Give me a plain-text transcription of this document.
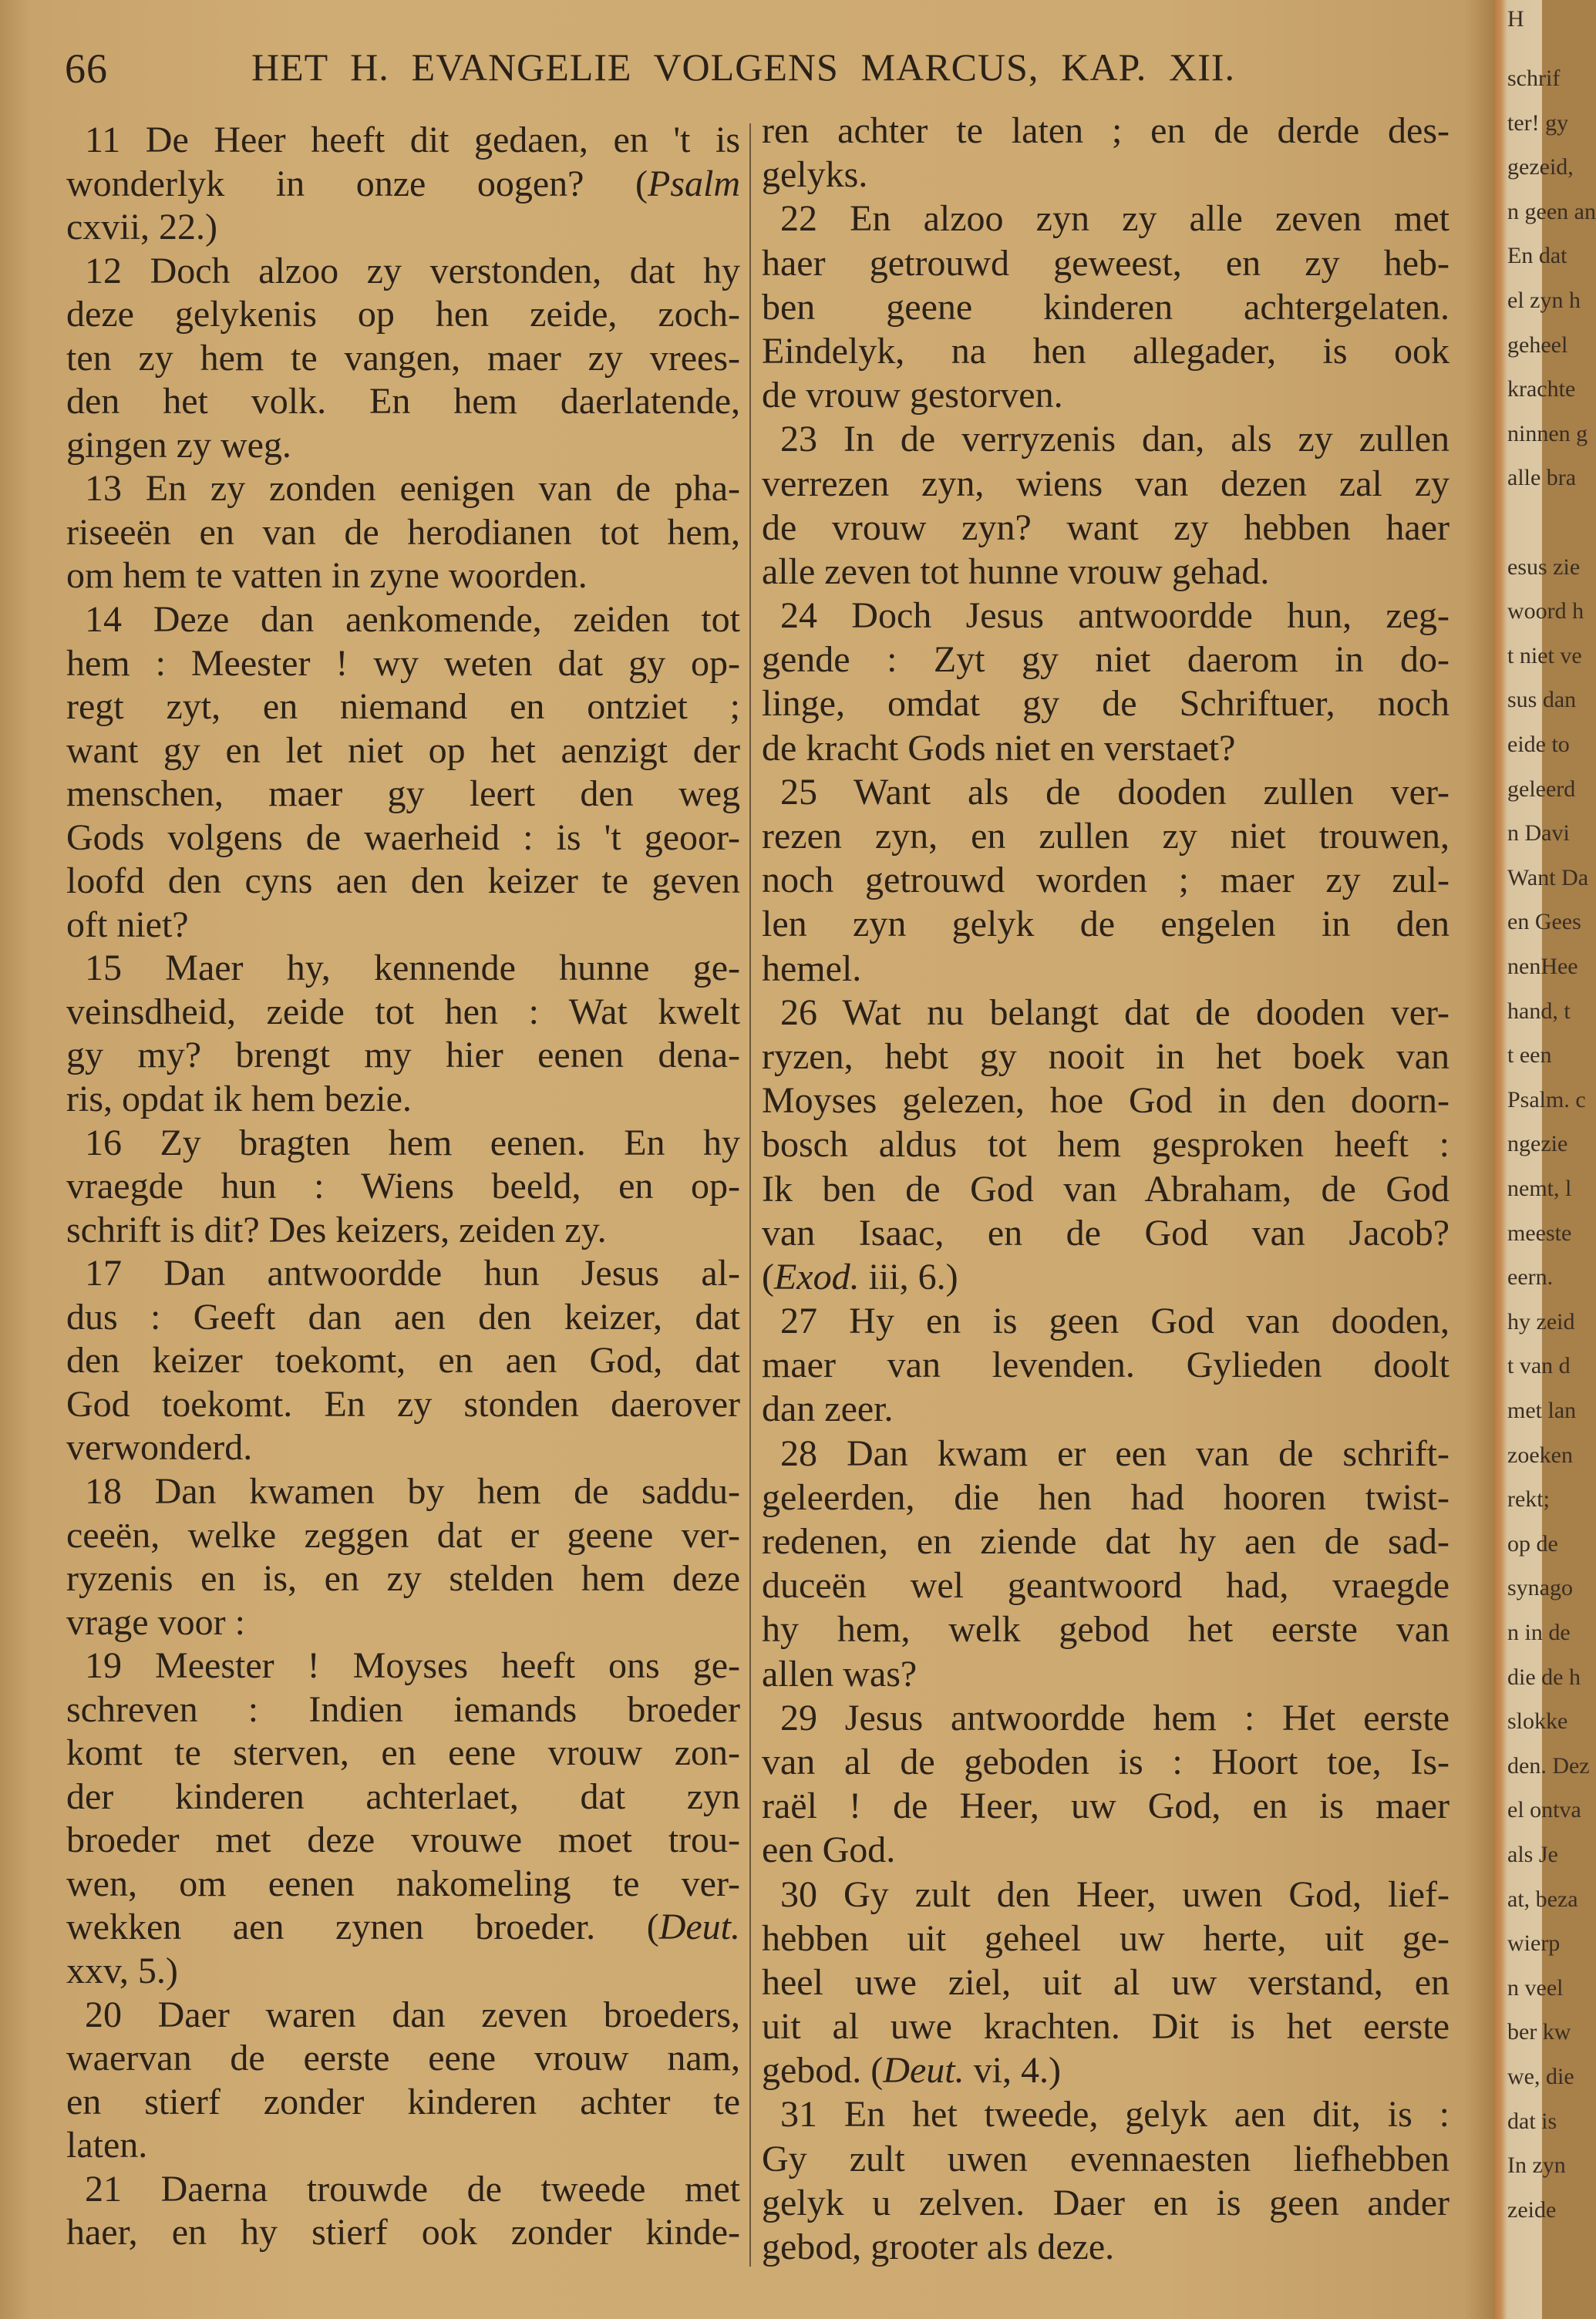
66	HET H. EVANGELIE VOLGENS MARCUS, KAP. XII.
11 De Heer heeft dit gedaen, en 't is
wonderlyk in onze oogen? (Psalm
cxvii, 22.)
12 Doch alzoo zy verstonden, dat hy
deze gelykenis op hen zeide, zoch-
ten zy hem te vangen, maer zy vrees-
den het volk. En hem daerlatende,
gingen zy weg.
13 En zy zonden eenigen van de pha-
riseeën en van de herodianen tot hem,
om hem te vatten in zyne woorden.
14 Deze dan aenkomende, zeiden tot
hem : Meester ! wy weten dat gy op-
regt zyt, en niemand en ontziet ;
want gy en let niet op het aenzigt der
menschen, maer gy leert den weg
Gods volgens de waerheid : is 't geoor-
loofd den cyns aen den keizer te geven
oft niet?
15 Maer hy, kennende hunne ge-
veinsdheid, zeide tot hen : Wat kwelt
gy my? brengt my hier eenen dena-
ris, opdat ik hem bezie.
16 Zy bragten hem eenen. En hy
vraegde hun : Wiens beeld, en op-
schrift is dit? Des keizers, zeiden zy.
17 Dan antwoordde hun Jesus al-
dus : Geeft dan aen den keizer, dat
den keizer toekomt, en aen God, dat
God toekomt. En zy stonden daerover
verwonderd.
18 Dan kwamen by hem de saddu-
ceeën, welke zeggen dat er geene ver-
ryzenis en is, en zy stelden hem deze
vrage voor :
19 Meester ! Moyses heeft ons ge-
schreven : Indien iemands broeder
komt te sterven, en eene vrouw zon-
der kinderen achterlaet, dat zyn
broeder met deze vrouwe moet trou-
wen, om eenen nakomeling te ver-
wekken aen zynen broeder. (Deut.
xxv, 5.)
20 Daer waren dan zeven broeders,
waervan de eerste eene vrouw nam,
en stierf zonder kinderen achter te
laten.
21 Daerna trouwde de tweede met
haer, en hy stierf ook zonder kinde-
ren achter te laten ; en de derde des-
gelyks.
22 En alzoo zyn zy alle zeven met
haer getrouwd geweest, en zy heb-
ben geene kinderen achtergelaten.
Eindelyk, na hen allegader, is ook
de vrouw gestorven.
23 In de verryzenis dan, als zy zullen
verrezen zyn, wiens van dezen zal zy
de vrouw zyn? want zy hebben haer
alle zeven tot hunne vrouw gehad.
24 Doch Jesus antwoordde hun, zeg-
gende : Zyt gy niet daerom in do-
linge, omdat gy de Schriftuer, noch
de kracht Gods niet en verstaet?
25 Want als de dooden zullen ver-
rezen zyn, en zullen zy niet trouwen,
noch getrouwd worden ; maer zy zul-
len zyn gelyk de engelen in den
hemel.
26 Wat nu belangt dat de dooden ver-
ryzen, hebt gy nooit in het boek van
Moyses gelezen, hoe God in den doorn-
bosch aldus tot hem gesproken heeft :
Ik ben de God van Abraham, de God
van Isaac, en de God van Jacob?
(Exod. iii, 6.)
27 Hy en is geen God van dooden,
maer van levenden. Gylieden doolt
dan zeer.
28 Dan kwam er een van de schrift-
geleerden, die hen had hooren twist-
redenen, en ziende dat hy aen de sad-
duceën wel geantwoord had, vraegde
hy hem, welk gebod het eerste van
allen was?
29 Jesus antwoordde hem : Het eerste
van al de geboden is : Hoort toe, Is-
raël ! de Heer, uw God, en is maer
een God.
30 Gy zult den Heer, uwen God, lief-
hebben uit geheel uw herte, uit ge-
heel uwe ziel, uit al uw verstand, en
uit al uwe krachten. Dit is het eerste
gebod. (Deut. vi, 4.)
31 En het tweede, gelyk aen dit, is :
Gy zult uwen evennaesten liefhebben
gelyk u zelven. Daer en is geen ander
gebod, grooter als deze.
H
schrif
ter! gy
gezeid,
n geen an
En dat
el zyn h
geheel
krachte
ninnen g
alle bra
esus zie
woord h
t niet ve
sus dan
eide to
geleerd
n Davi
Want Da
en Gees
nenHee
hand, t
t een
Psalm. c
ngezie
nemt, l
meeste
eern.
hy zeid
t van d
met lan
zoeken
rekt;
op de
synago
n in de
die de h
slokke
den. Dez
el ontva
als Je
at, beza
wierp
n veel
ber kw
we, die
dat is
In zyn
zeide
